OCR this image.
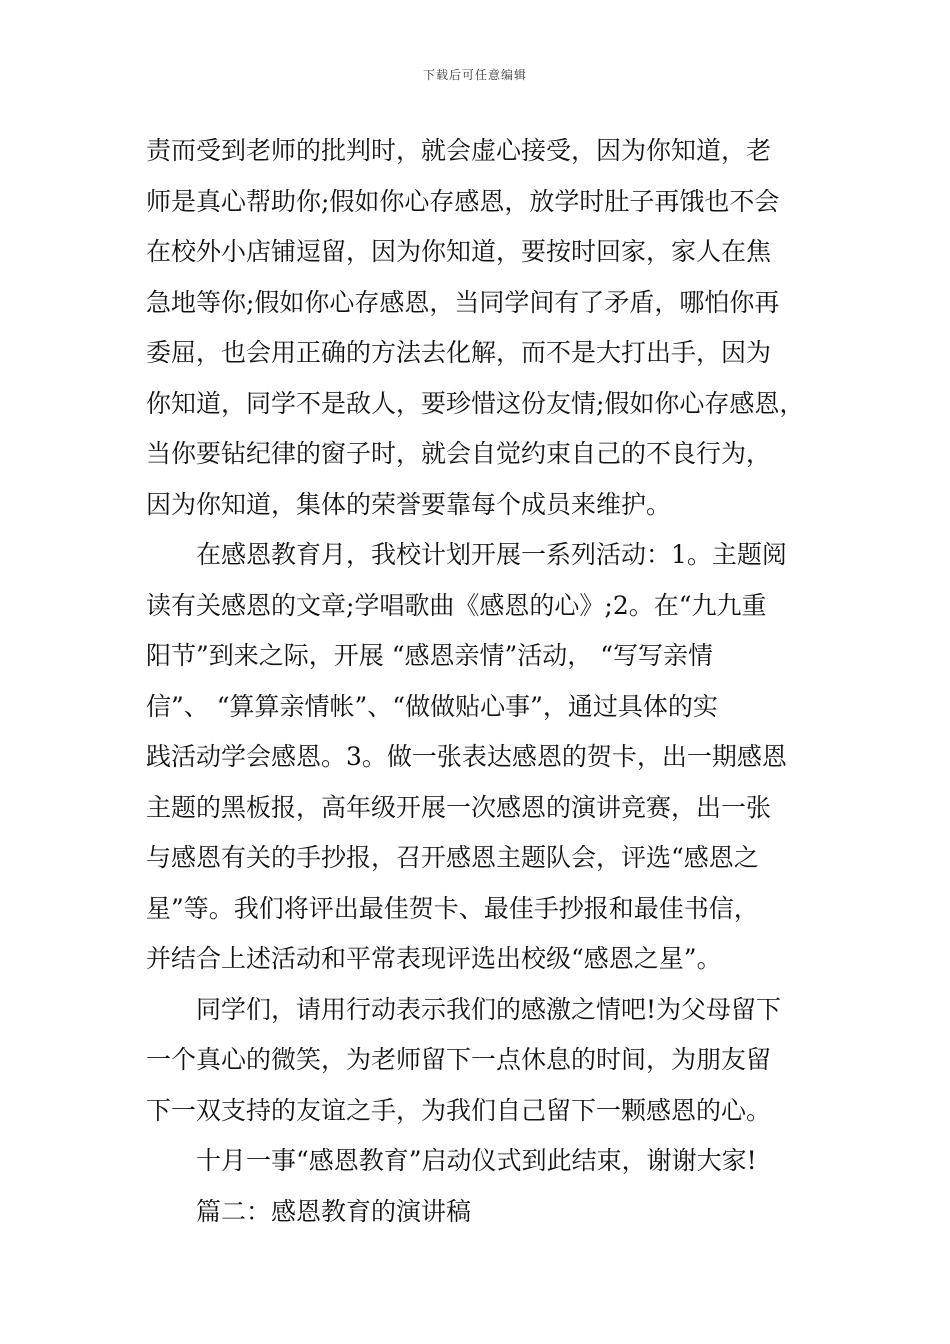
下载后可任意编辑

责而受到老师的批判时，就会虚心接受，因为你知道，老
师是真心帮助你;假如你心存感恩，放学时肚子再饿也不会
在校外小店铺逗留，因为你知道，要按时回家，家人在焦
急地等你;假如你心存感恩，当同学间有了矛盾，哪怕你再
委屈，也会用正确的方法去化解，而不是大打出手，因为
你知道，同学不是敌人，要珍惜这份友情;假如你心存感恩，
当你要钻纪律的窗子时，就会自觉约束自己的不良行为，
因为你知道，集体的荣誉要靠每个成员来维护。

在感恩教育月，我校计划开展一系列活动：1。主题阅
读有关感恩的文章;学唱歌曲《感恩的心》;2。在“九九重
阳节”到来之际，开展 “感恩亲情”活动， “写写亲情
信”、 “算算亲情帐”、“做做贴心事”，通过具体的实
践活动学会感恩。3。做一张表达感恩的贺卡，出一期感恩
主题的黑板报，高年级开展一次感恩的演讲竞赛，出一张
与感恩有关的手抄报，召开感恩主题队会，评选“感恩之
星”等。我们将评出最佳贺卡、最佳手抄报和最佳书信，
并结合上述活动和平常表现评选出校级“感恩之星”。

同学们，请用行动表示我们的感激之情吧!为父母留下
一个真心的微笑，为老师留下一点休息的时间，为朋友留
下一双支持的友谊之手，为我们自己留下一颗感恩的心。

十月一事“感恩教育”启动仪式到此结束，谢谢大家!

篇二：感恩教育的演讲稿
